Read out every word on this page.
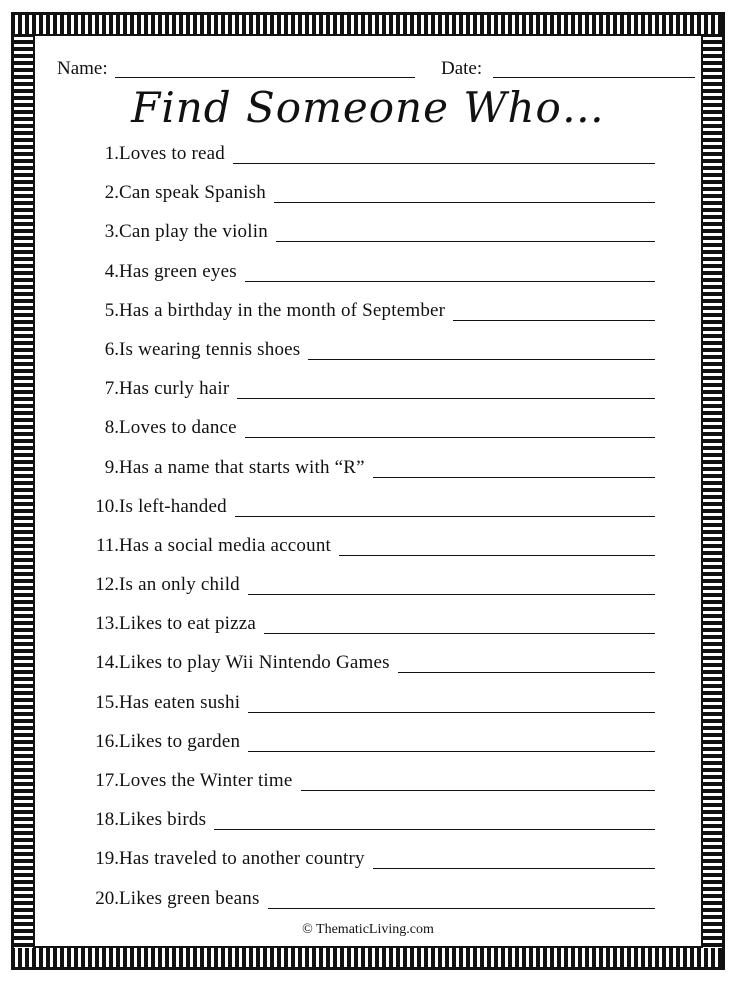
Name:	Date:
Find Someone Who…
1. Loves to read
2. Can speak Spanish
3. Can play the violin
4. Has green eyes
5. Has a birthday in the month of September
6. Is wearing tennis shoes
7. Has curly hair
8. Loves to dance
9. Has a name that starts with “R”
10. Is left-handed
11. Has a social media account
12. Is an only child
13. Likes to eat pizza
14. Likes to play Wii Nintendo Games
15. Has eaten sushi
16. Likes to garden
17. Loves the Winter time
18. Likes birds
19. Has traveled to another country
20. Likes green beans
© ThematicLiving.com
